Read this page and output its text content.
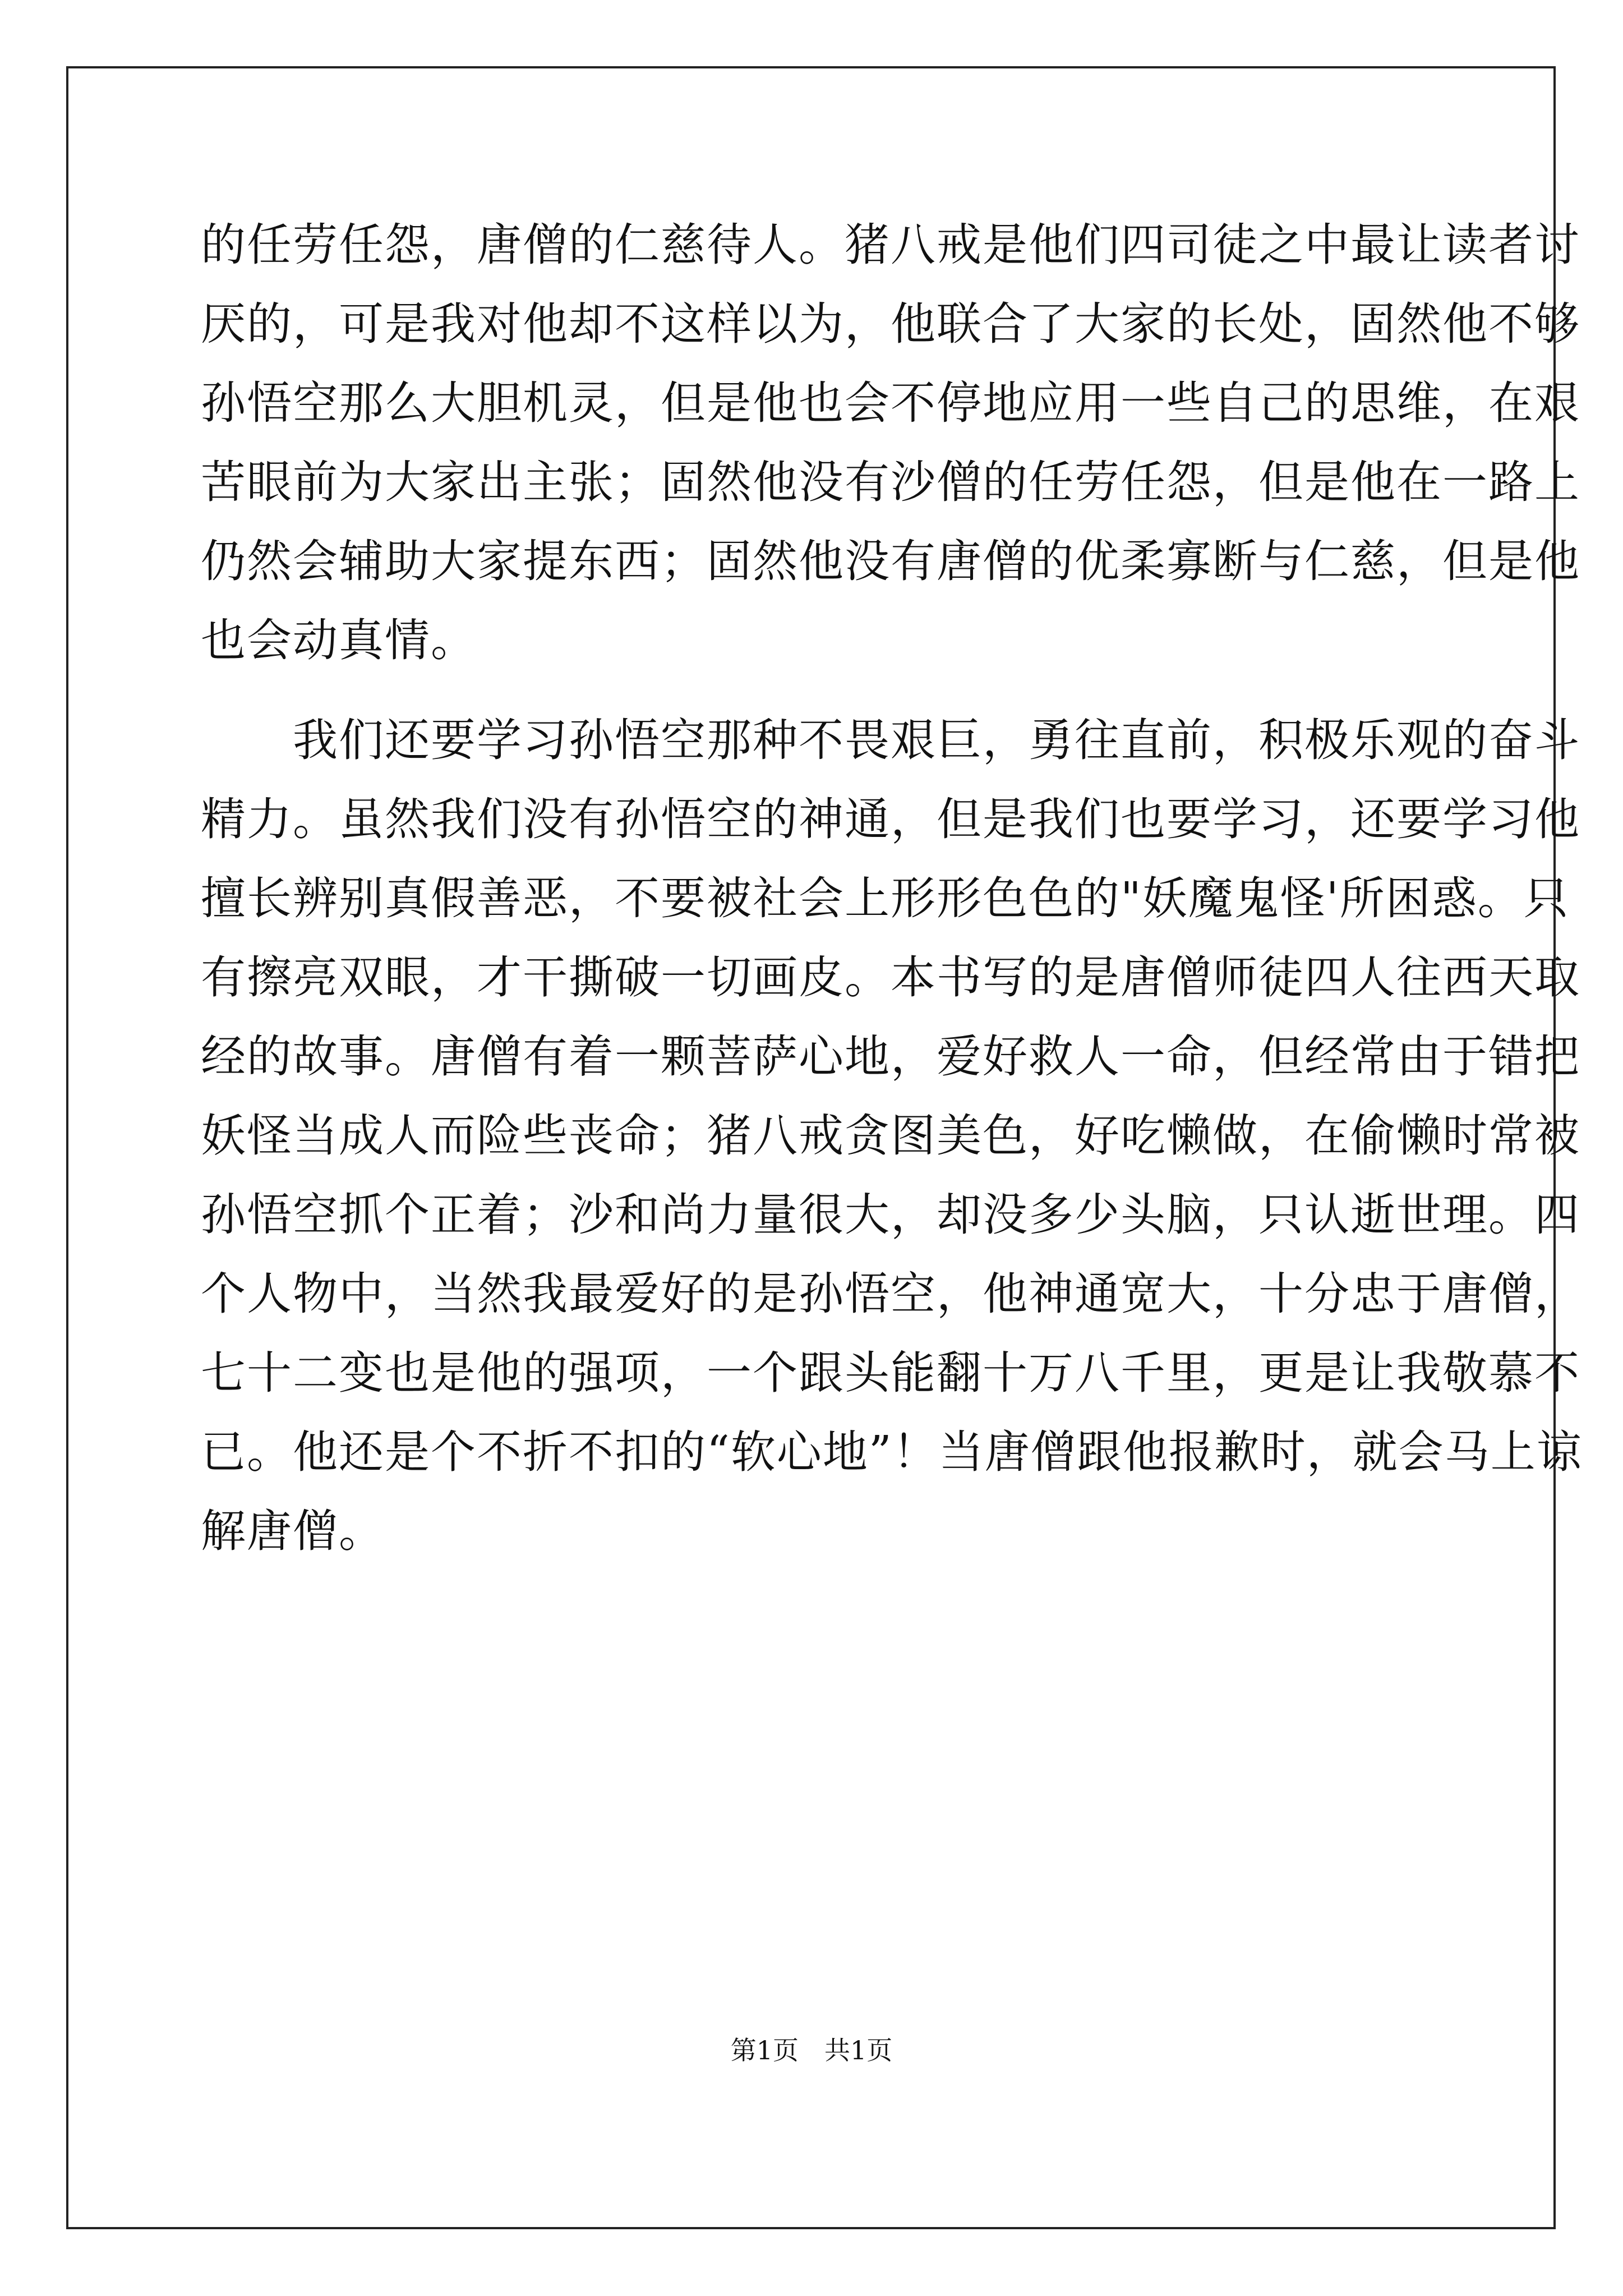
的任劳任怨，唐僧的仁慈待人。猪八戒是他们四司徒之中最让读者讨
厌的，可是我对他却不这样以为，他联合了大家的长处，固然他不够
孙悟空那么大胆机灵，但是他也会不停地应用一些自己的思维，在艰
苦眼前为大家出主张；固然他没有沙僧的任劳任怨，但是他在一路上
仍然会辅助大家提东西；固然他没有唐僧的优柔寡断与仁慈，但是他
也会动真情。
　　我们还要学习孙悟空那种不畏艰巨，勇往直前，积极乐观的奋斗
精力。虽然我们没有孙悟空的神通，但是我们也要学习，还要学习他
擅长辨别真假善恶，不要被社会上形形色色的"妖魔鬼怪'所困惑。只
有擦亮双眼，才干撕破一切画皮。本书写的是唐僧师徒四人往西天取
经的故事。唐僧有着一颗菩萨心地，爱好救人一命，但经常由于错把
妖怪当成人而险些丧命；猪八戒贪图美色，好吃懒做，在偷懒时常被
孙悟空抓个正着；沙和尚力量很大，却没多少头脑，只认逝世理。四
个人物中，当然我最爱好的是孙悟空，他神通宽大，十分忠于唐僧，
七十二变也是他的强项，一个跟头能翻十万八千里，更是让我敬慕不
已。他还是个不折不扣的“软心地”！当唐僧跟他报歉时，就会马上谅
解唐僧。
第1页　共1页
